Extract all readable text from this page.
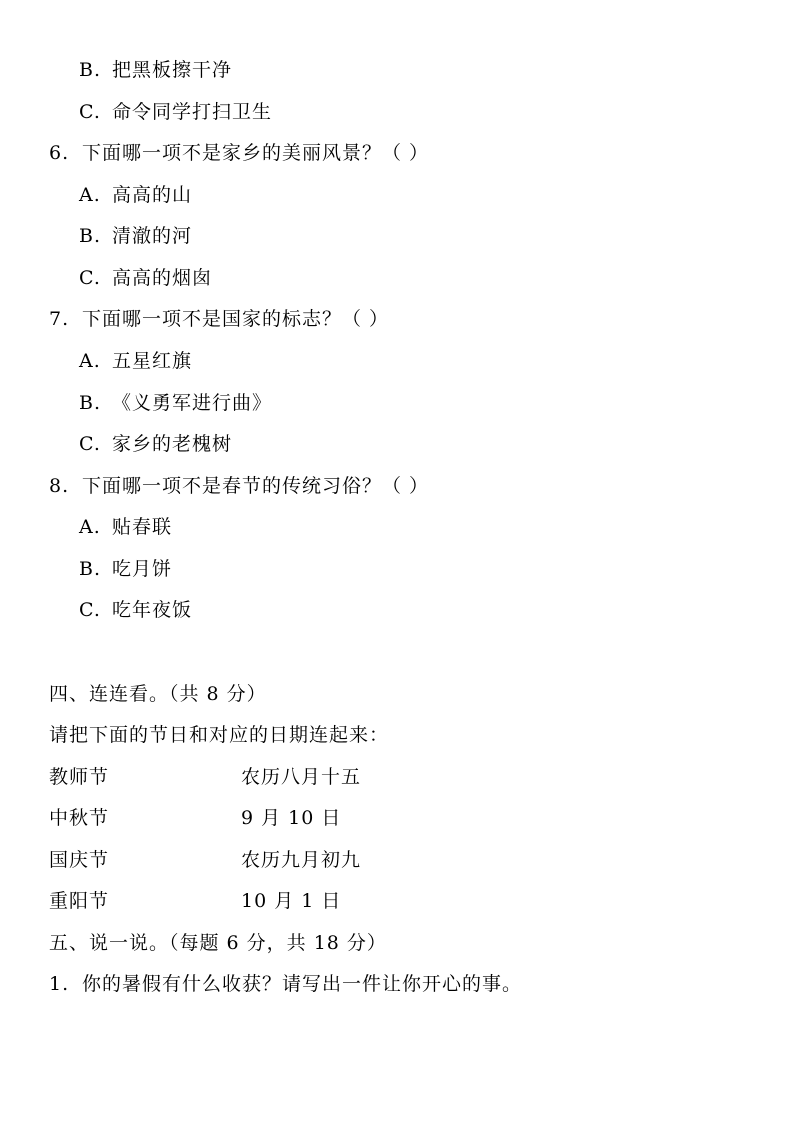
B. 把黑板擦干净
C. 命令同学打扫卫生
6. 下面哪一项不是家乡的美丽风景？（ ）
A. 高高的山
B. 清澈的河
C. 高高的烟囱
7. 下面哪一项不是国家的标志？（ ）
A. 五星红旗
B. 《义勇军进行曲》
C. 家乡的老槐树
8. 下面哪一项不是春节的传统习俗？（ ）
A. 贴春联
B. 吃月饼
C. 吃年夜饭
四、连连看。（共 8 分）
请把下面的节日和对应的日期连起来：
教师节	农历八月十五
中秋节	9 月 10 日
国庆节	农历九月初九
重阳节	10 月 1 日
五、说一说。（每题 6 分，共 18 分）
1. 你的暑假有什么收获？请写出一件让你开心的事。
